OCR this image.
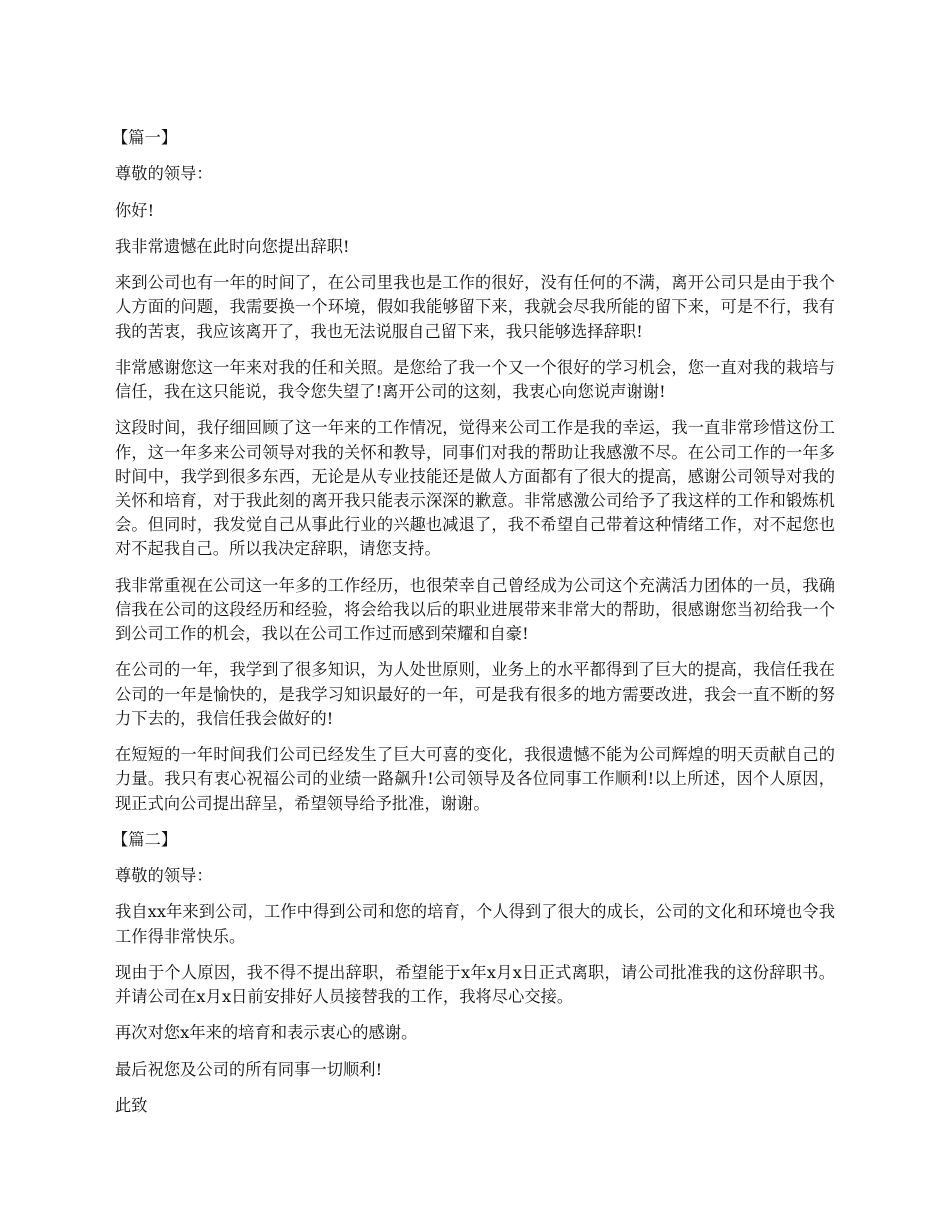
【篇一】

尊敬的领导：

你好!

我非常遗憾在此时向您提出辞职!

来到公司也有一年的时间了，在公司里我也是工作的很好，没有任何的不满，离开公司只是由于我个人方面的问题，我需要换一个环境，假如我能够留下来，我就会尽我所能的留下来，可是不行，我有我的苦衷，我应该离开了，我也无法说服自己留下来，我只能够选择辞职!

非常感谢您这一年来对我的任和关照。是您给了我一个又一个很好的学习机会，您一直对我的栽培与信任，我在这只能说，我令您失望了!离开公司的这刻，我衷心向您说声谢谢!

这段时间，我仔细回顾了这一年来的工作情况，觉得来公司工作是我的幸运，我一直非常珍惜这份工作，这一年多来公司领导对我的关怀和教导，同事们对我的帮助让我感激不尽。在公司工作的一年多时间中，我学到很多东西，无论是从专业技能还是做人方面都有了很大的提高，感谢公司领导对我的关怀和培育，对于我此刻的离开我只能表示深深的歉意。非常感激公司给予了我这样的工作和锻炼机会。但同时，我发觉自己从事此行业的兴趣也减退了，我不希望自己带着这种情绪工作，对不起您也对不起我自己。所以我决定辞职，请您支持。

我非常重视在公司这一年多的工作经历，也很荣幸自己曾经成为公司这个充满活力团体的一员，我确信我在公司的这段经历和经验，将会给我以后的职业进展带来非常大的帮助，很感谢您当初给我一个到公司工作的机会，我以在公司工作过而感到荣耀和自豪!

在公司的一年，我学到了很多知识，为人处世原则，业务上的水平都得到了巨大的提高，我信任我在公司的一年是愉快的，是我学习知识最好的一年，可是我有很多的地方需要改进，我会一直不断的努力下去的，我信任我会做好的!

在短短的一年时间我们公司已经发生了巨大可喜的变化，我很遗憾不能为公司辉煌的明天贡献自己的力量。我只有衷心祝福公司的业绩一路飙升!公司领导及各位同事工作顺利!以上所述，因个人原因，现正式向公司提出辞呈，希望领导给予批准，谢谢。

【篇二】

尊敬的领导：

我自xx年来到公司，工作中得到公司和您的培育，个人得到了很大的成长，公司的文化和环境也令我工作得非常快乐。

现由于个人原因，我不得不提出辞职，希望能于x年x月x日正式离职，请公司批准我的这份辞职书。并请公司在x月x日前安排好人员接替我的工作，我将尽心交接。

再次对您x年来的培育和表示衷心的感谢。

最后祝您及公司的所有同事一切顺利!

此致
